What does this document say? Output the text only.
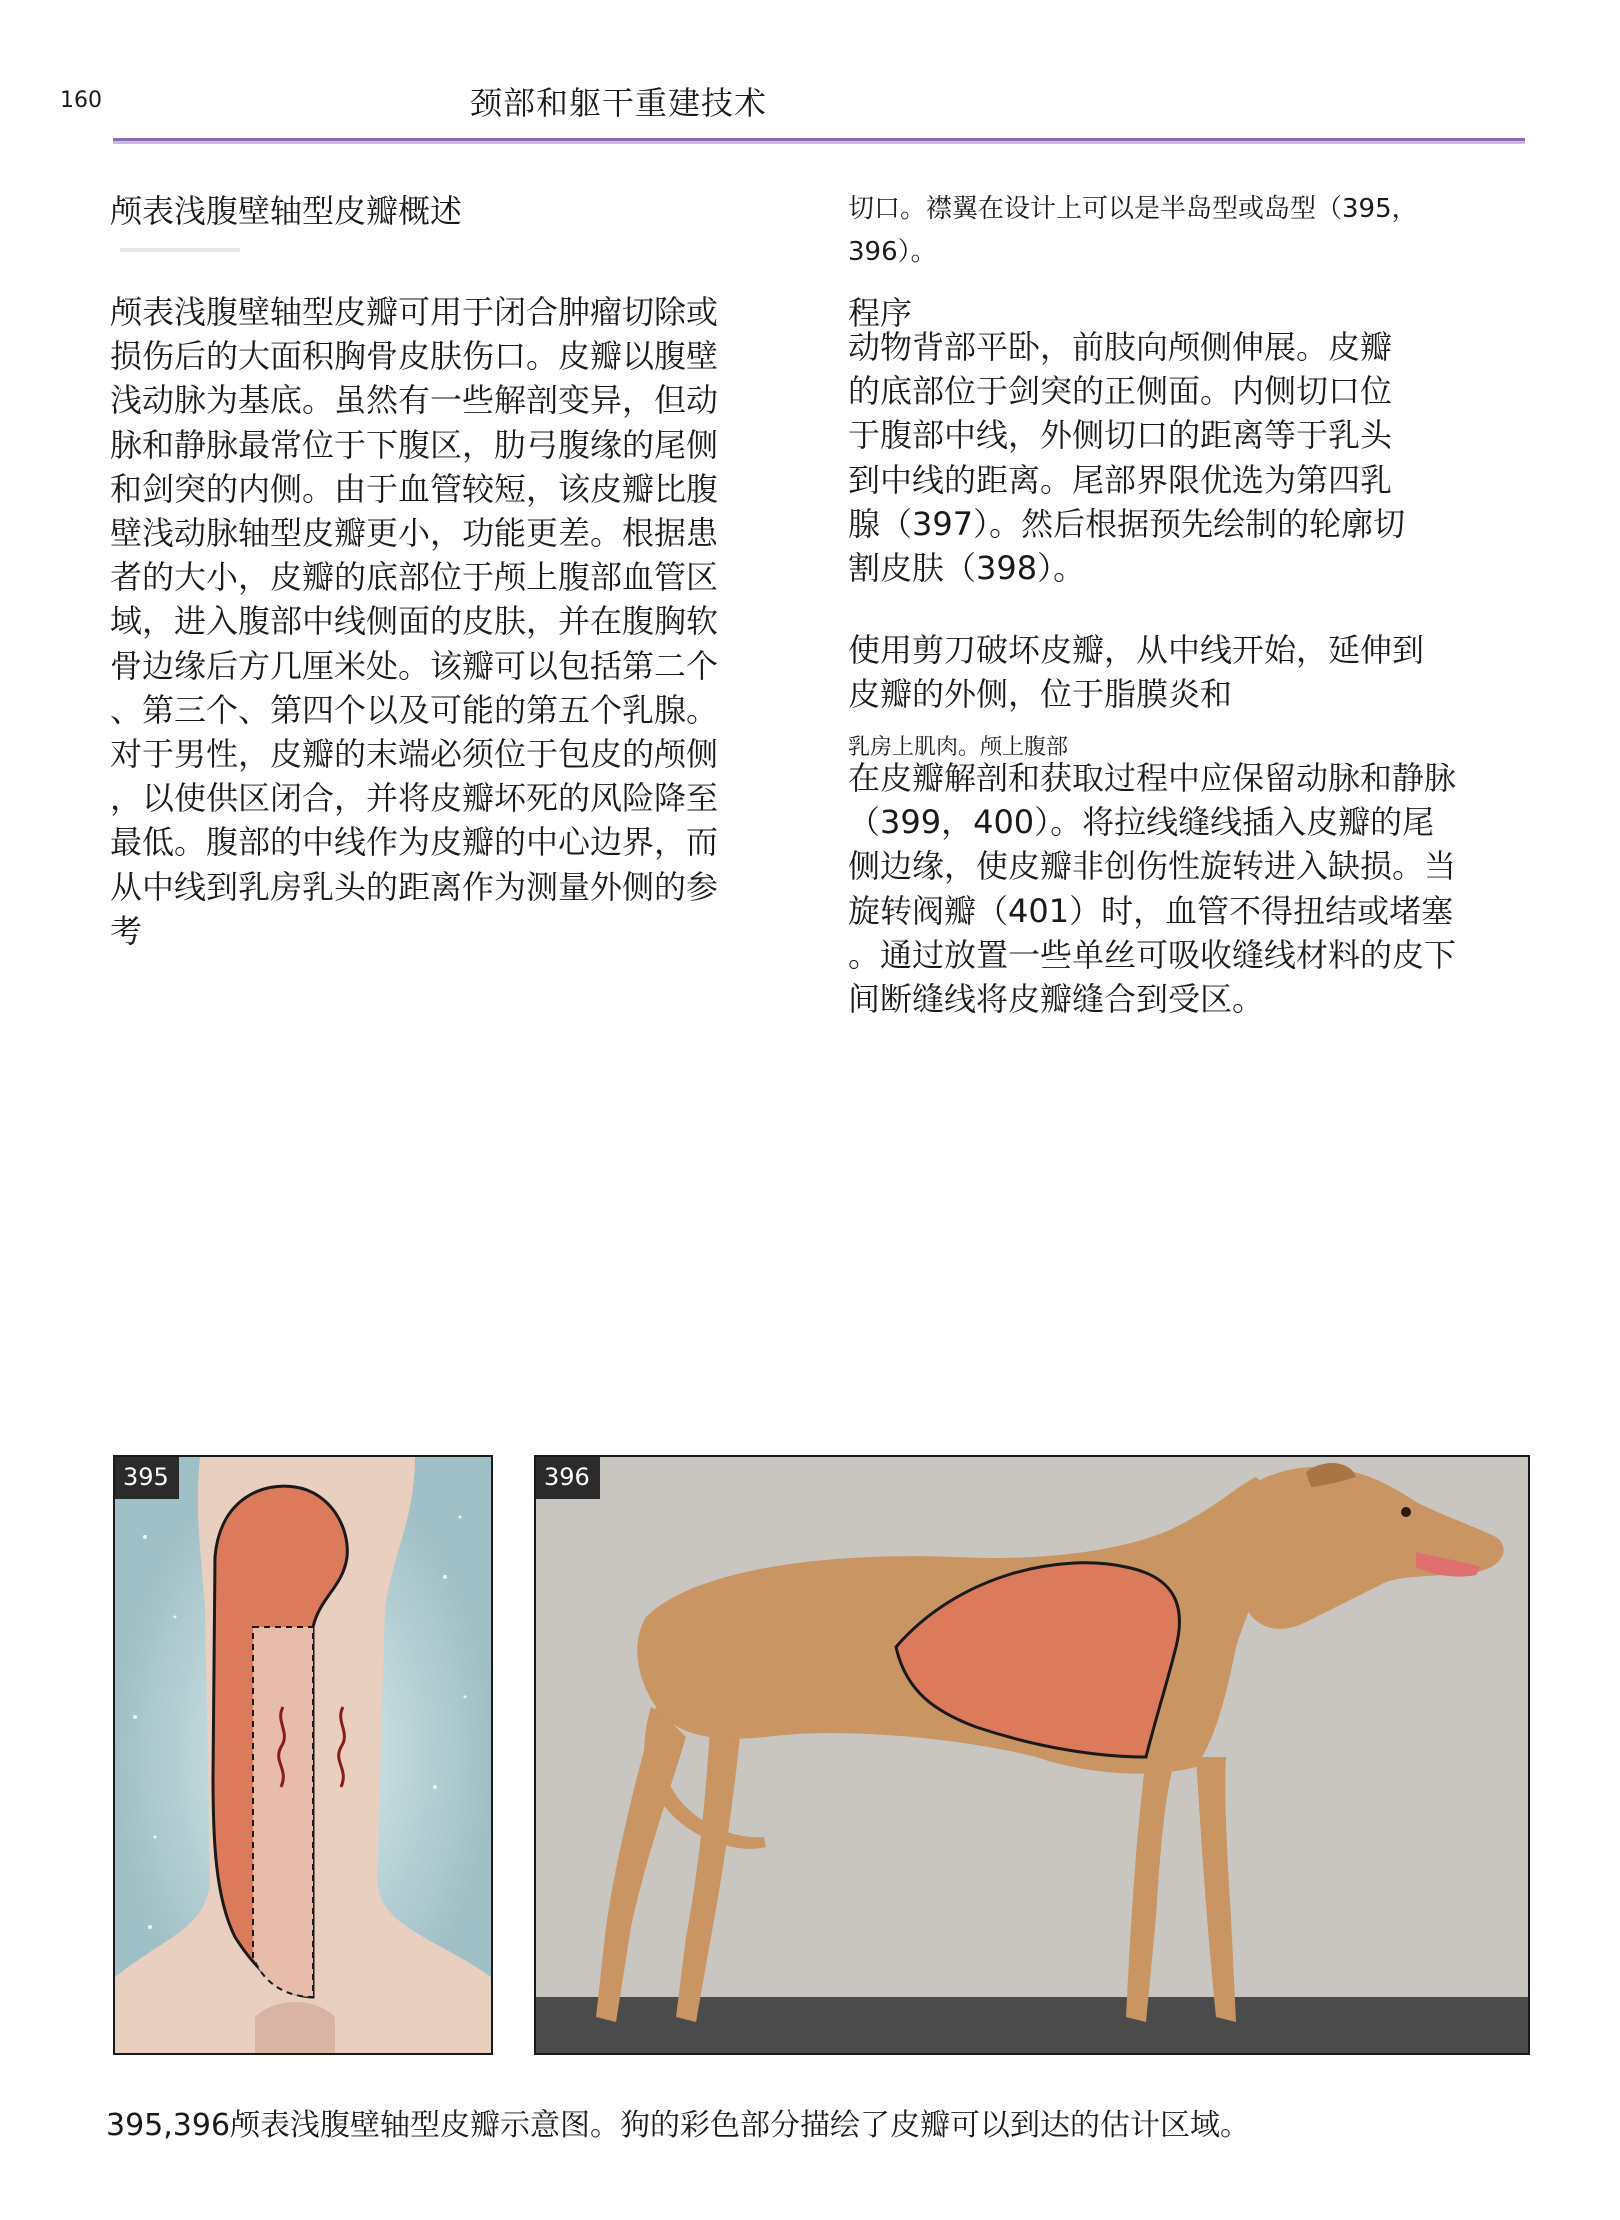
160	颈部和躯干重建技术
颅表浅腹壁轴型皮瓣概述
颅表浅腹壁轴型皮瓣可用于闭合肿瘤切除或
损伤后的大面积胸骨皮肤伤口。皮瓣以腹壁
浅动脉为基底。虽然有一些解剖变异，但动
脉和静脉最常位于下腹区，肋弓腹缘的尾侧
和剑突的内侧。由于血管较短，该皮瓣比腹
壁浅动脉轴型皮瓣更小，功能更差。根据患
者的大小，皮瓣的底部位于颅上腹部血管区
域，进入腹部中线侧面的皮肤，并在腹胸软
骨边缘后方几厘米处。该瓣可以包括第二个
、第三个、第四个以及可能的第五个乳腺。
对于男性，皮瓣的末端必须位于包皮的颅侧
，以使供区闭合，并将皮瓣坏死的风险降至
最低。腹部的中线作为皮瓣的中心边界，而
从中线到乳房乳头的距离作为测量外侧的参
考
切口。襟翼在设计上可以是半岛型或岛型（395，
396）。
程序
动物背部平卧，前肢向颅侧伸展。皮瓣
的底部位于剑突的正侧面。内侧切口位
于腹部中线，外侧切口的距离等于乳头
到中线的距离。尾部界限优选为第四乳
腺（397）。然后根据预先绘制的轮廓切
割皮肤（398）。
使用剪刀破坏皮瓣，从中线开始，延伸到
皮瓣的外侧，位于脂膜炎和
乳房上肌肉。颅上腹部
在皮瓣解剖和获取过程中应保留动脉和静脉
（399，400）。将拉线缝线插入皮瓣的尾
侧边缘，使皮瓣非创伤性旋转进入缺损。当
旋转阀瓣（401）时，血管不得扭结或堵塞
。通过放置一些单丝可吸收缝线材料的皮下
间断缝线将皮瓣缝合到受区。
395	396
395,396颅表浅腹壁轴型皮瓣示意图。狗的彩色部分描绘了皮瓣可以到达的估计区域。
